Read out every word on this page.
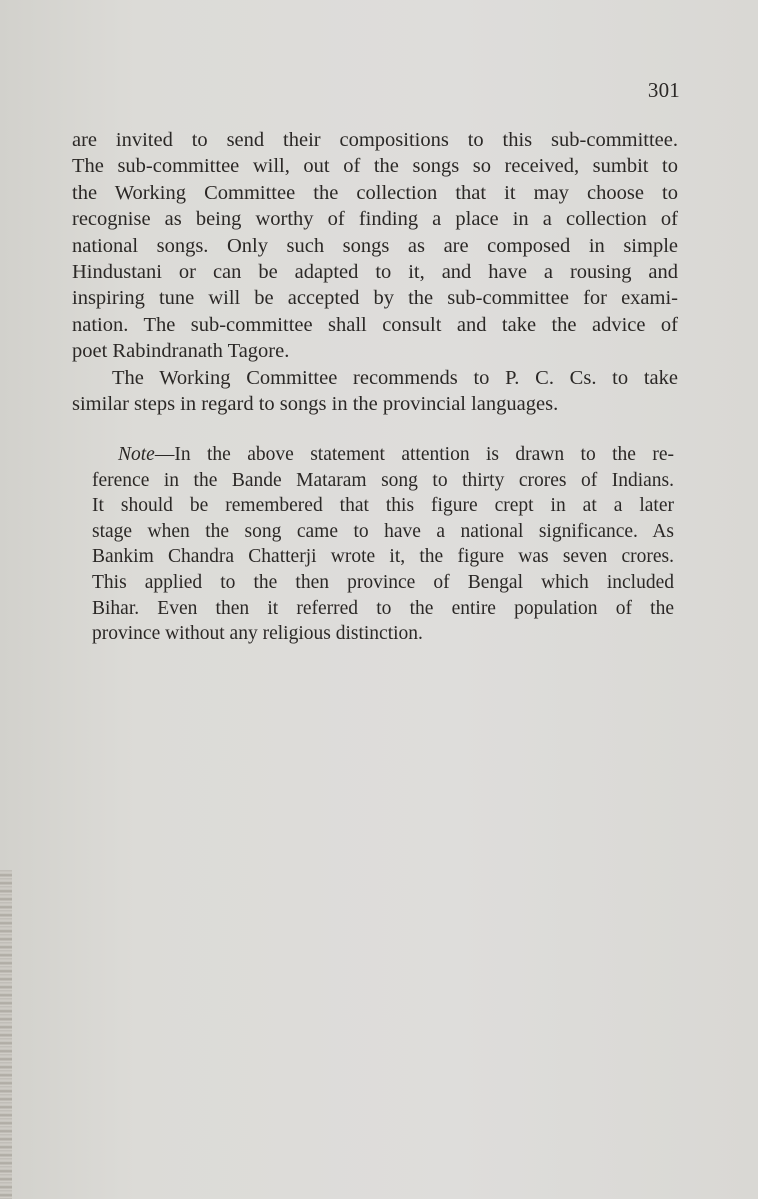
301
are invited to send their compositions to this sub-committee.
The sub-committee will, out of the songs so received, sumbit to
the Working Committee the collection that it may choose to
recognise as being worthy of finding a place in a collection of
national songs. Only such songs as are composed in simple
Hindustani or can be adapted to it, and have a rousing and
inspiring tune will be accepted by the sub-committee for exami-
nation. The sub-committee shall consult and take the advice of
poet Rabindranath Tagore.
The Working Committee recommends to P. C. Cs. to take
similar steps in regard to songs in the provincial languages.
Note—In the above statement attention is drawn to the re-
ference in the Bande Mataram song to thirty crores of Indians.
It should be remembered that this figure crept in at a later
stage when the song came to have a national significance. As
Bankim Chandra Chatterji wrote it, the figure was seven crores.
This applied to the then province of Bengal which included
Bihar. Even then it referred to the entire population of the
province without any religious distinction.
